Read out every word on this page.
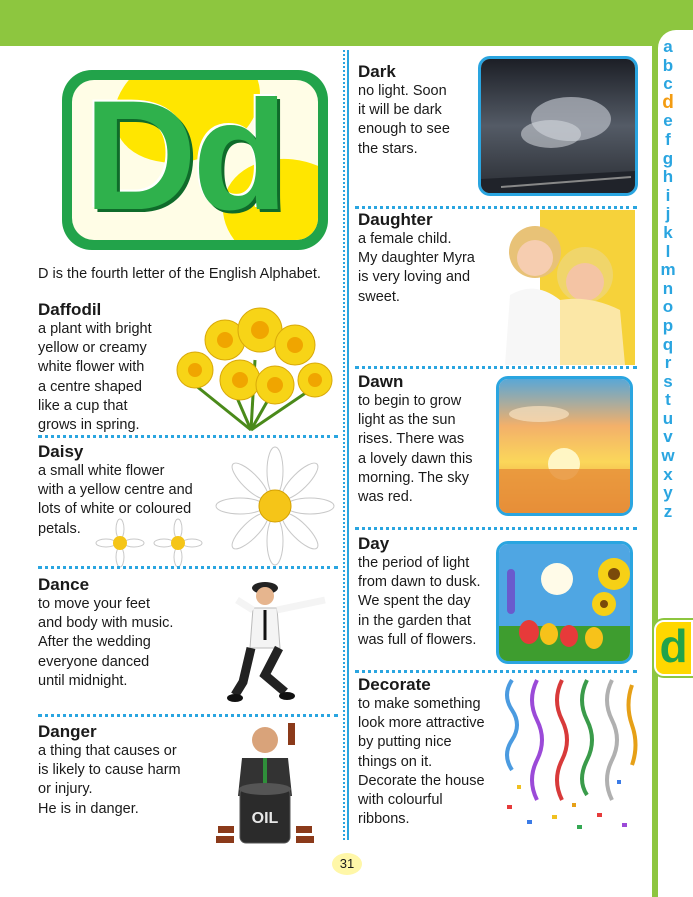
a
b
c
d
e
f
g
h
i
j
k
l
m
n
o
p
q
r
s
t
u
v
w
x
y
z
d
Dd
D is the fourth letter of the English Alphabet.
Daffodil
a plant with bright
yellow or creamy
white flower with
a centre shaped
like a cup that
grows in spring.
Daisy
a small white flower
with a yellow centre and
lots of white or coloured
petals.
Dance
to move your feet
and body with music.
After the wedding
everyone danced
until midnight.
Danger
a thing that causes or
is likely to cause harm
or injury.
He is in danger.
OIL
Dark
no light. Soon
it will be dark
enough to see
the stars.
Daughter
a female child.
My daughter Myra
is very loving and
sweet.
Dawn
to begin to grow
light as the sun
rises. There was
a lovely dawn this
morning. The sky
was red.
Day
the period of light
from dawn to dusk.
We spent the day
in the garden that
was full of flowers.
Decorate
to make something
look more attractive
by putting nice
things on it.
Decorate the house
with colourful
ribbons.
31
